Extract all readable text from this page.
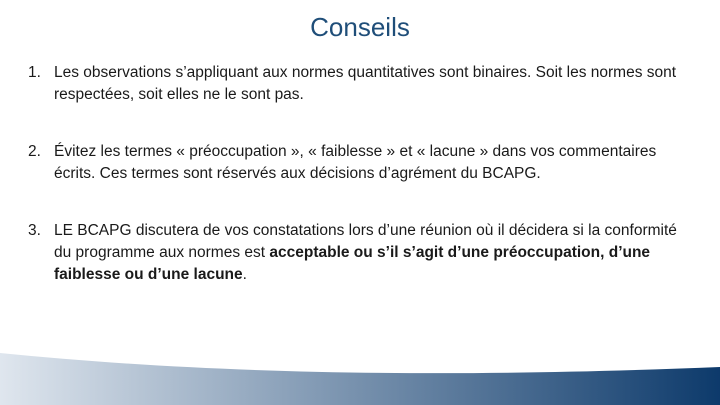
Conseils
1. Les observations s’appliquant aux normes quantitatives sont binaires. Soit les normes sont respectées, soit elles ne le sont pas.
2. Évitez les termes « préoccupation », « faiblesse » et « lacune » dans vos commentaires écrits. Ces termes sont réservés aux décisions d’agrément du BCAPG.
3. LE BCAPG discutera de vos constatations lors d’une réunion où il décidera si la conformité du programme aux normes est acceptable ou s’il s’agit d’une préoccupation, d’une faiblesse ou d’une lacune.
